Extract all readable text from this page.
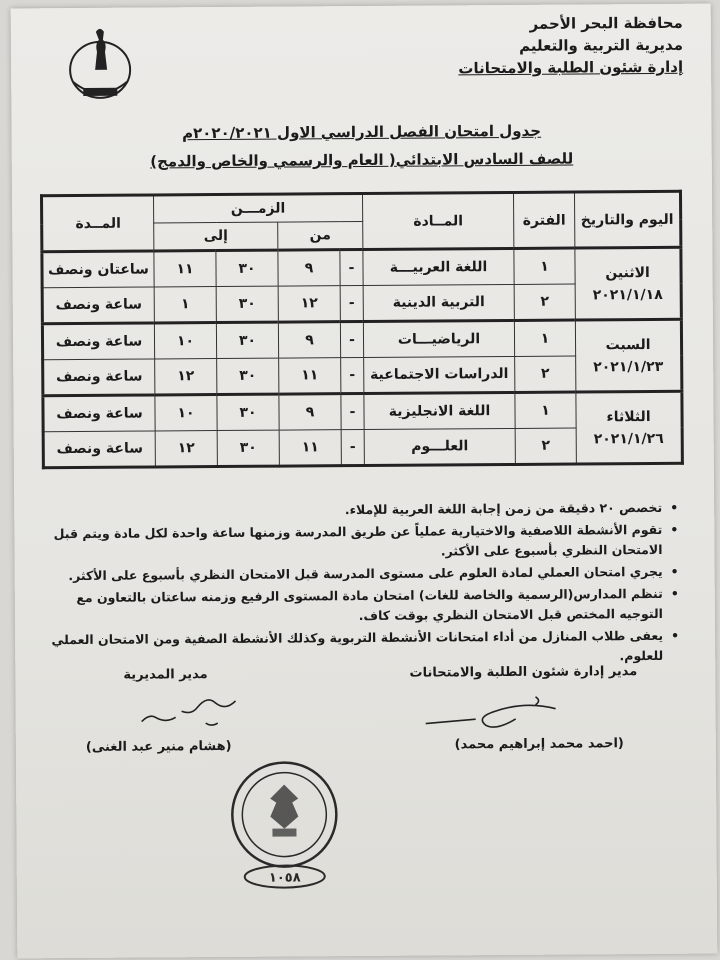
محافظة البحر الأحمر
مديرية التربية والتعليم
إدارة شئون الطلبة والامتحانات
جدول امتحان الفصل الدراسي الاول ٢٠٢٠/٢٠٢١م
للصف السادس الابتدائي( العام والرسمي والخاص والدمج)
اليوم والتاريخ	الفترة	المــادة	الزمـــن				المــدة
			من		إلى		

الاثنين
٢٠٢١/١/١٨	١	اللغة العربيـــة	-	٩	٣٠	١١	ساعتان ونصف
	٢	التربية الدينية	-	١٢	٣٠	١	ساعة ونصف

السبت
٢٠٢١/١/٢٣	١	الرياضيـــات	-	٩	٣٠	١٠	ساعة ونصف
	٢	الدراسات الاجتماعية	-	١١	٣٠	١٢	ساعة ونصف

الثلاثاء
٢٠٢١/١/٢٦	١	اللغة الانجليزية	-	٩	٣٠	١٠	ساعة ونصف
	٢	العلـــوم	-	١١	٣٠	١٢	ساعة ونصف
• تخصص ٢٠ دقيقة من زمن إجابة اللغة العربية للإملاء.
• تقوم الأنشطة اللاصفية والاختيارية عملياً عن طريق المدرسة وزمنها ساعة واحدة لكل مادة ويتم قبل الامتحان النظري بأسبوع على الأكثر.
• يجري امتحان العملي لمادة العلوم على مستوى المدرسة قبل الامتحان النظري بأسبوع على الأكثر.
• تنظم المدارس(الرسمية والخاصة للغات) امتحان مادة المستوى الرفيع وزمنه ساعتان بالتعاون مع التوجيه المختص قبل الامتحان النظري بوقت كاف.
• يعفى طلاب المنازل من أداء امتحانات الأنشطة التربوية وكذلك الأنشطة الصفية ومن الامتحان العملي للعلوم.
مدير إدارة شئون الطلبة والامتحانات
مدير المديرية
(احمد محمد إبراهيم محمد)
(هشام منير عبد الغنى)
١٠٥٨
